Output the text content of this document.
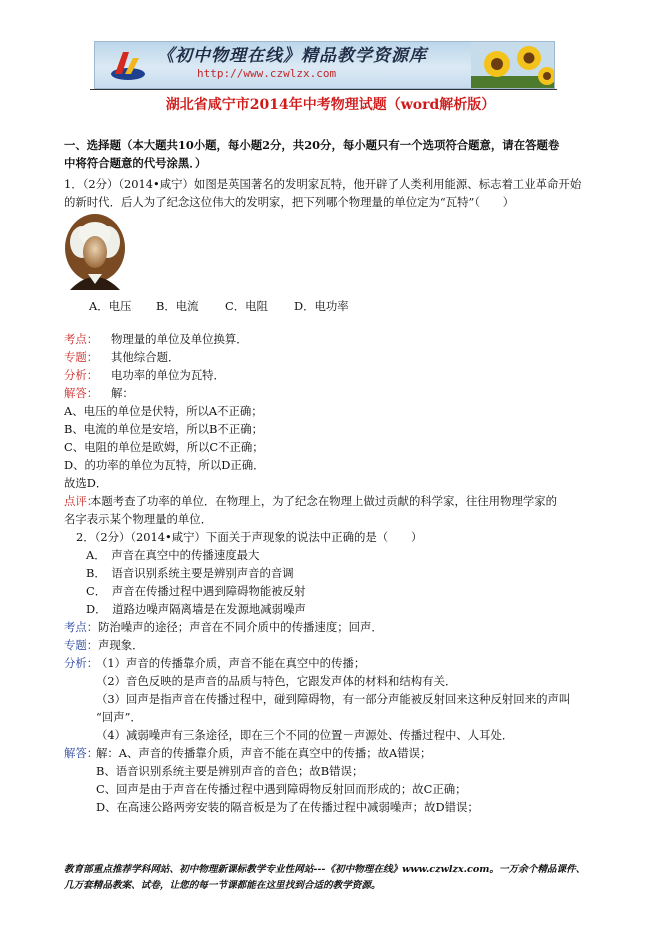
《初中物理在线》精品教学资源库
http://www.czwlzx.com
湖北省咸宁市2014年中考物理试题（word解析版）
一、选择题（本大题共10小题，每小题2分，共20分，每小题只有一个选项符合题意，请在答题卷
中将符合题意的代号涂黑．）
1．（2分）（2014•咸宁）如图是英国著名的发明家瓦特，他开辟了人类利用能源、标志着工业革命开始
的新时代．后人为了纪念这位伟大的发明家，把下列哪个物理量的单位定为“瓦特”（　　）
A．电压 B．电流 C．电阻 D．电功率
考点： 物理量的单位及单位换算．
专题： 其他综合题．
分析： 电功率的单位为瓦特．
解答： 解：
A、电压的单位是伏特，所以A不正确；
B、电流的单位是安培，所以B不正确；
C、电阻的单位是欧姆，所以C不正确；
D、的功率的单位为瓦特，所以D正确．
故选D．
点评：本题考查了功率的单位．在物理上，为了纪念在物理上做过贡献的科学家，往往用物理学家的
名字表示某个物理量的单位．
2．（2分）（2014•咸宁）下面关于声现象的说法中正确的是（　　）
A．　声音在真空中的传播速度最大
B．　语音识别系统主要是辨别声音的音调
C．　声音在传播过程中遇到障碍物能被反射
D．　道路边噪声隔离墙是在发源地减弱噪声
考点：防治噪声的途径；声音在不同介质中的传播速度；回声．
专题：声现象．
分析：
（1）声音的传播靠介质，声音不能在真空中的传播；
（2）音色反映的是声音的品质与特色，它跟发声体的材料和结构有关．
（3）回声是指声音在传播过程中，碰到障碍物，有一部分声能被反射回来这种反射回来的声叫
“回声”．
（4）减弱噪声有三条途径，即在三个不同的位置－声源处、传播过程中、人耳处．
解答：
解：A、声音的传播靠介质，声音不能在真空中的传播；故A错误；
B、语音识别系统主要是辨别声音的音色；故B错误；
C、回声是由于声音在传播过程中遇到障碍物反射回而形成的；故C正确；
D、在高速公路两旁安装的隔音板是为了在传播过程中减弱噪声；故D错误；
教育部重点推荐学科网站、初中物理新课标教学专业性网站---《初中物理在线》www.czwlzx.com。一万余个精品课件、
几万套精品教案、试卷，让您的每一节课都能在这里找到合适的教学资源。
